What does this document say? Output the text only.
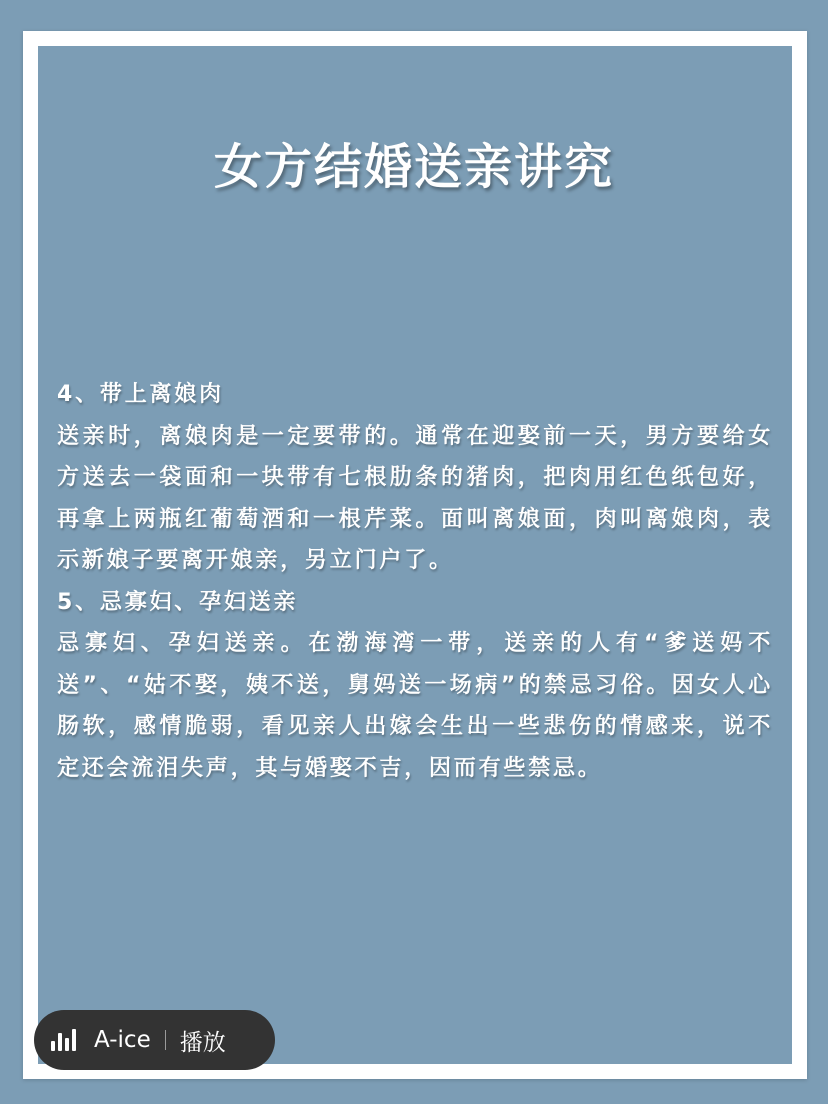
女方结婚送亲讲究

4、带上离娘肉

送亲时，离娘肉是一定要带的。通常在迎娶前一天，男方要给女方送去一袋面和一块带有七根肋条的猪肉，把肉用红色纸包好，再拿上两瓶红葡萄酒和一根芹菜。面叫离娘面，肉叫离娘肉，表示新娘子要离开娘亲，另立门户了。

5、忌寡妇、孕妇送亲

忌寡妇、孕妇送亲。在渤海湾一带，送亲的人有“爹送妈不送”、“姑不娶，姨不送，舅妈送一场病”的禁忌习俗。因女人心肠软，感情脆弱，看见亲人出嫁会生出一些悲伤的情感来，说不定还会流泪失声，其与婚娶不吉，因而有些禁忌。

A-ice 播放
